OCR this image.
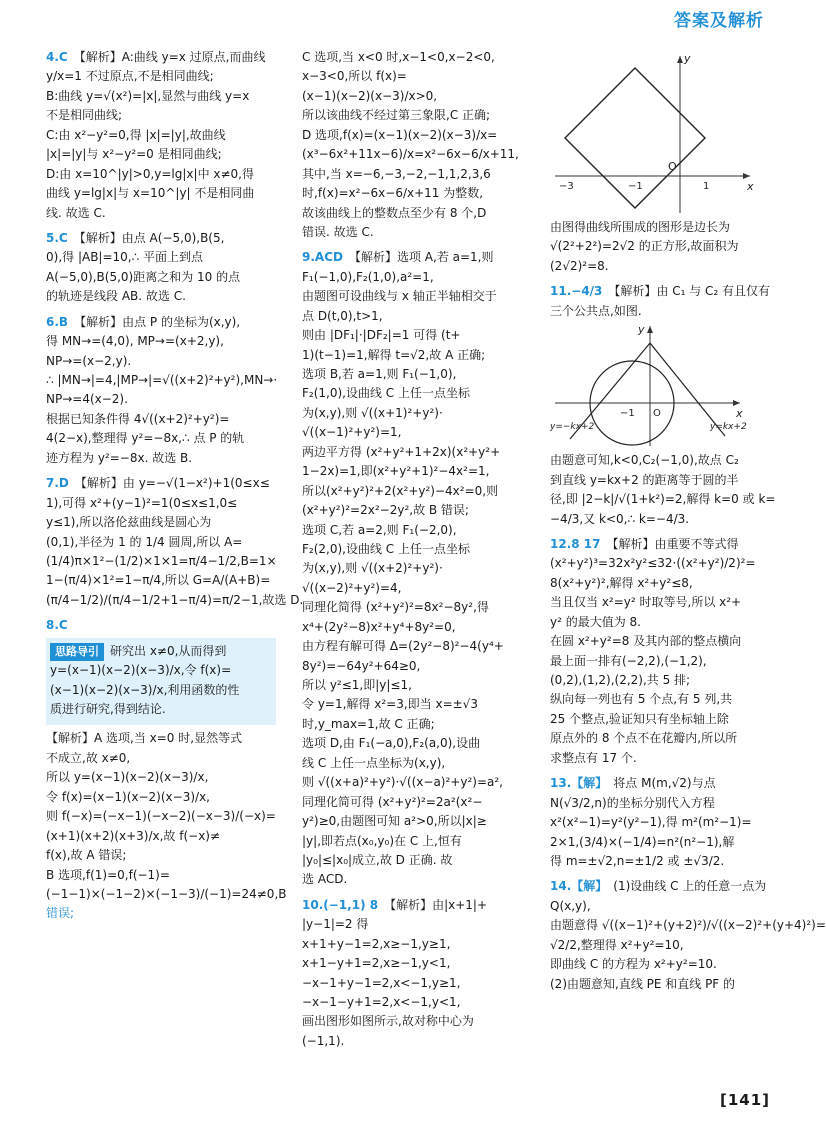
答案及解析
4.C 【解析】A:曲线 y=x 过原点,而曲线
y/x=1 不过原点,不是相同曲线;
B:曲线 y=√(x²)=|x|,显然与曲线 y=x
不是相同曲线;
C:由 x²−y²=0,得 |x|=|y|,故曲线
|x|=|y|与 x²−y²=0 是相同曲线;
D:由 x=10^|y|>0,y=lg|x|中 x≠0,得
曲线 y=lg|x|与 x=10^|y| 不是相同曲
线. 故选 C.
5.C 【解析】由点 A(−5,0),B(5,
0),得 |AB|=10,∴ 平面上到点
A(−5,0),B(5,0)距离之和为 10 的点
的轨迹是线段 AB. 故选 C.
6.B 【解析】由点 P 的坐标为(x,y),
得 MN→=(4,0), MP→=(x+2,y),
NP→=(x−2,y).
∴ |MN→|=4,|MP→|=√((x+2)²+y²),MN→·
NP→=4(x−2).
根据已知条件得 4√((x+2)²+y²)=
4(2−x),整理得 y²=−8x,∴ 点 P 的轨
迹方程为 y²=−8x. 故选 B.
7.D 【解析】由 y=−√(1−x²)+1(0≤x≤
1),可得 x²+(y−1)²=1(0≤x≤1,0≤
y≤1),所以洛伦兹曲线是圆心为
(0,1),半径为 1 的 1/4 圆周,所以 A=
(1/4)π×1²−(1/2)×1×1=π/4−1/2,B=1×
1−(π/4)×1²=1−π/4,所以 G=A/(A+B)=
(π/4−1/2)/(π/4−1/2+1−π/4)=π/2−1,故选 D.
8.C
思路导引 研究出 x≠0,从而得到
y=(x−1)(x−2)(x−3)/x,令 f(x)=
(x−1)(x−2)(x−3)/x,利用函数的性
质进行研究,得到结论.
【解析】A 选项,当 x=0 时,显然等式
不成立,故 x≠0,
所以 y=(x−1)(x−2)(x−3)/x,
令 f(x)=(x−1)(x−2)(x−3)/x,
则 f(−x)=(−x−1)(−x−2)(−x−3)/(−x)=
(x+1)(x+2)(x+3)/x,故 f(−x)≠
f(x),故 A 错误;
B 选项,f(1)=0,f(−1)=
(−1−1)×(−1−2)×(−1−3)/(−1)=24≠0,B
错误;
C 选项,当 x<0 时,x−1<0,x−2<0,
x−3<0,所以 f(x)=
(x−1)(x−2)(x−3)/x>0,
所以该曲线不经过第三象限,C 正确;
D 选项,f(x)=(x−1)(x−2)(x−3)/x=
(x³−6x²+11x−6)/x=x²−6x−6/x+11,
其中,当 x=−6,−3,−2,−1,1,2,3,6
时,f(x)=x²−6x−6/x+11 为整数,
故该曲线上的整数点至少有 8 个,D
错误. 故选 C.
9.ACD 【解析】选项 A,若 a=1,则
F₁(−1,0),F₂(1,0),a²=1,
由题图可设曲线与 x 轴正半轴相交于
点 D(t,0),t>1,
则由 |DF₁|·|DF₂|=1 可得 (t+
1)(t−1)=1,解得 t=√2,故 A 正确;
选项 B,若 a=1,则 F₁(−1,0),
F₂(1,0),设曲线 C 上任一点坐标
为(x,y),则 √((x+1)²+y²)·
√((x−1)²+y²)=1,
两边平方得 (x²+y²+1+2x)(x²+y²+
1−2x)=1,即(x²+y²+1)²−4x²=1,
所以(x²+y²)²+2(x²+y²)−4x²=0,则
(x²+y²)²=2x²−2y²,故 B 错误;
选项 C,若 a=2,则 F₁(−2,0),
F₂(2,0),设曲线 C 上任一点坐标
为(x,y),则 √((x+2)²+y²)·
√((x−2)²+y²)=4,
同理化简得 (x²+y²)²=8x²−8y²,得
x⁴+(2y²−8)x²+y⁴+8y²=0,
由方程有解可得 Δ=(2y²−8)²−4(y⁴+
8y²)=−64y²+64≥0,
所以 y²≤1,即|y|≤1,
令 y=1,解得 x²=3,即当 x=±√3
时,y_max=1,故 C 正确;
选项 D,由 F₁(−a,0),F₂(a,0),设曲
线 C 上任一点坐标为(x,y),
则 √((x+a)²+y²)·√((x−a)²+y²)=a²,
同理化简可得 (x²+y²)²=2a²(x²−
y²)≥0,由题图可知 a²>0,所以|x|≥
|y|,即若点(x₀,y₀)在 C 上,恒有
|y₀|≤|x₀|成立,故 D 正确. 故
选 ACD.
10.(−1,1) 8 【解析】由|x+1|+
|y−1|=2 得
x+1+y−1=2,x≥−1,y≥1,
x+1−y+1=2,x≥−1,y<1,
−x−1+y−1=2,x<−1,y≥1,
−x−1−y+1=2,x<−1,y<1,
画出图形如图所示,故对称中心为
(−1,1).
x
y
O
−3	−1	1
由图得曲线所围成的图形是边长为
√(2²+2²)=2√2 的正方形,故面积为
(2√2)²=8.
11.−4/3 【解析】由 C₁ 与 C₂ 有且仅有
三个公共点,如图.
x
y
O
−1
y=−kx+2	y=kx+2
由题意可知,k<0,C₂(−1,0),故点 C₂
到直线 y=kx+2 的距离等于圆的半
径,即 |2−k|/√(1+k²)=2,解得 k=0 或 k=
−4/3,又 k<0,∴ k=−4/3.
12.8 17 【解析】由重要不等式得
(x²+y²)³=32x²y²≤32·((x²+y²)/2)²=
8(x²+y²)²,解得 x²+y²≤8,
当且仅当 x²=y² 时取等号,所以 x²+
y² 的最大值为 8.
在圆 x²+y²=8 及其内部的整点横向
最上面一排有(−2,2),(−1,2),
(0,2),(1,2),(2,2),共 5 排;
纵向每一列也有 5 个点,有 5 列,共
25 个整点,验证知只有坐标轴上除
原点外的 8 个点不在花瓣内,所以所
求整点有 17 个.
13.【解】 将点 M(m,√2)与点
N(√3/2,n)的坐标分别代入方程
x²(x²−1)=y²(y²−1),得 m²(m²−1)=
2×1,(3/4)×(−1/4)=n²(n²−1),解
得 m=±√2,n=±1/2 或 ±√3/2.
14.【解】 (1)设曲线 C 上的任意一点为
Q(x,y),
由题意得 √((x−1)²+(y+2)²)/√((x−2)²+(y+4)²)=
√2/2,整理得 x²+y²=10,
即曲线 C 的方程为 x²+y²=10.
(2)由题意知,直线 PE 和直线 PF 的
[141]
